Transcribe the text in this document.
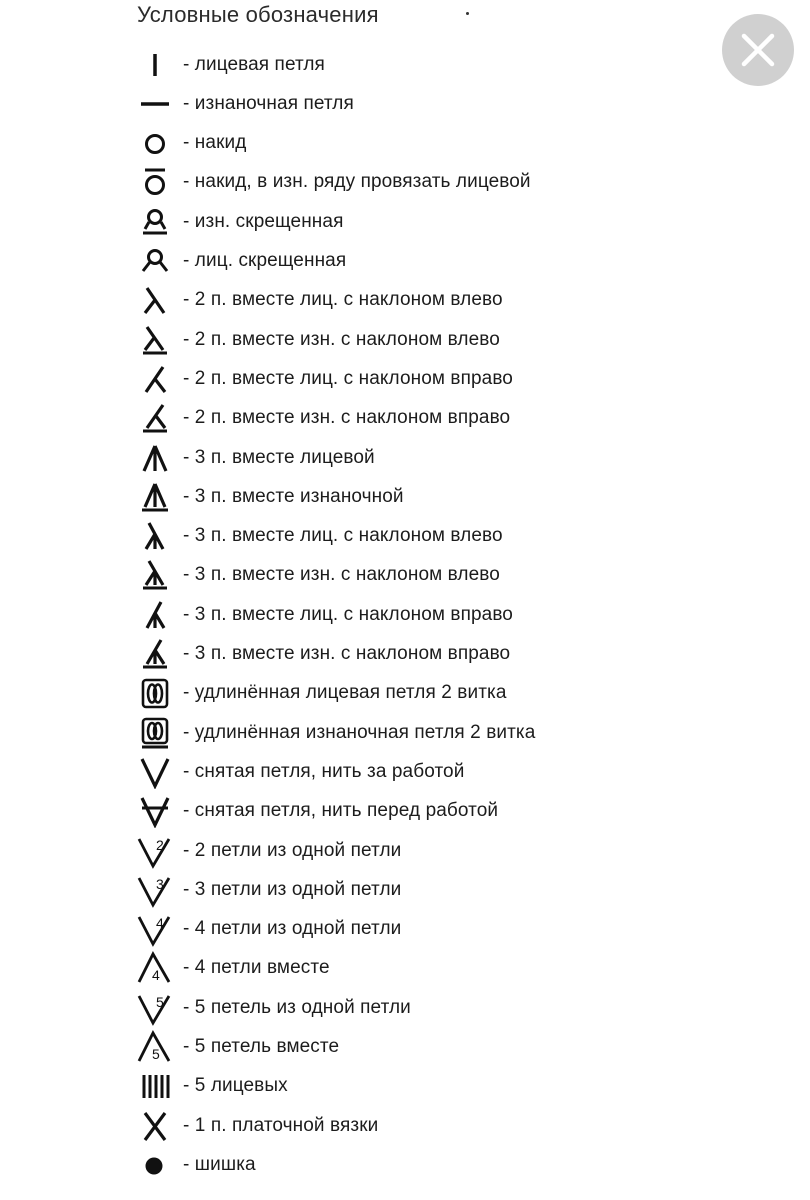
Условные обозначения
- лицевая петля
- изнаночная петля
- накид
- накид, в изн. ряду провязать лицевой
- изн. скрещенная
- лиц. скрещенная
- 2 п. вместе лиц. с наклоном влево
- 2 п. вместе изн. с наклоном влево
- 2 п. вместе лиц. с наклоном вправо
- 2 п. вместе изн. с наклоном вправо
- 3 п. вместе лицевой
- 3 п. вместе изнаночной
- 3 п. вместе лиц. с наклоном влево
- 3 п. вместе изн. с наклоном влево
- 3 п. вместе лиц. с наклоном вправо
- 3 п. вместе изн. с наклоном вправо
- удлинённая лицевая петля 2 витка
- удлинённая изнаночная петля 2 витка
- снятая петля, нить за работой
- снятая петля, нить перед работой
2 - 2 петли из одной петли
3 - 3 петли из одной петли
4 - 4 петли из одной петли
4 - 4 петли вместе
5 - 5 петель из одной петли
5 - 5 петель вместе
- 5 лицевых
- 1 п. платочной вязки
- шишка
